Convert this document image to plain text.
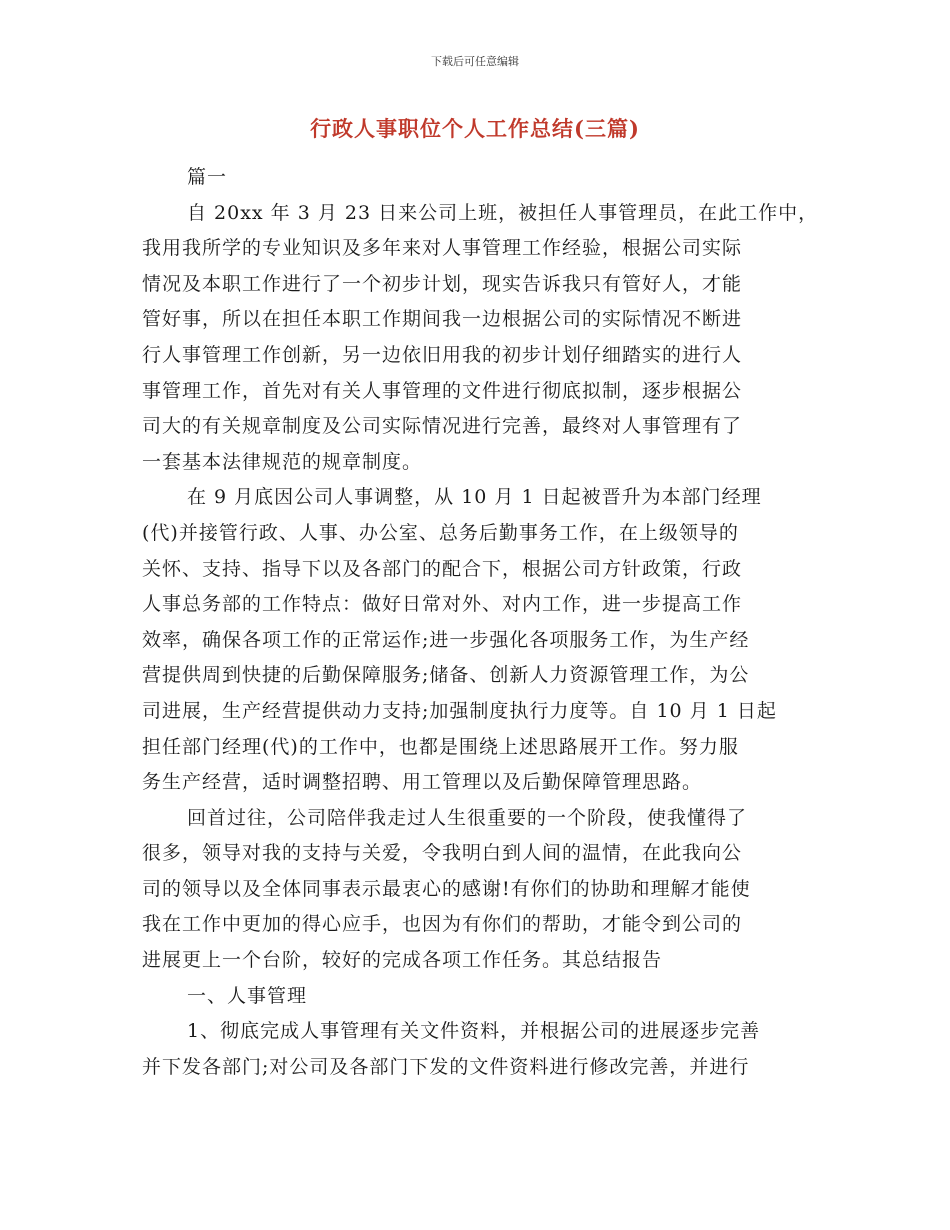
下载后可任意编辑
行政人事职位个人工作总结(三篇)
篇一
自 20xx 年 3 月 23 日来公司上班，被担任人事管理员，在此工作中，
我用我所学的专业知识及多年来对人事管理工作经验，根据公司实际
情况及本职工作进行了一个初步计划，现实告诉我只有管好人，才能
管好事，所以在担任本职工作期间我一边根据公司的实际情况不断进
行人事管理工作创新，另一边依旧用我的初步计划仔细踏实的进行人
事管理工作，首先对有关人事管理的文件进行彻底拟制，逐步根据公
司大的有关规章制度及公司实际情况进行完善，最终对人事管理有了
一套基本法律规范的规章制度。
在 9 月底因公司人事调整，从 10 月 1 日起被晋升为本部门经理
(代)并接管行政、人事、办公室、总务后勤事务工作，在上级领导的
关怀、支持、指导下以及各部门的配合下，根据公司方针政策，行政
人事总务部的工作特点：做好日常对外、对内工作，进一步提高工作
效率，确保各项工作的正常运作;进一步强化各项服务工作，为生产经
营提供周到快捷的后勤保障服务;储备、创新人力资源管理工作，为公
司进展，生产经营提供动力支持;加强制度执行力度等。自 10 月 1 日起
担任部门经理(代)的工作中，也都是围绕上述思路展开工作。努力服
务生产经营，适时调整招聘、用工管理以及后勤保障管理思路。
回首过往，公司陪伴我走过人生很重要的一个阶段，使我懂得了
很多，领导对我的支持与关爱，令我明白到人间的温情，在此我向公
司的领导以及全体同事表示最衷心的感谢!有你们的协助和理解才能使
我在工作中更加的得心应手，也因为有你们的帮助，才能令到公司的
进展更上一个台阶，较好的完成各项工作任务。其总结报告
一、人事管理
1、彻底完成人事管理有关文件资料，并根据公司的进展逐步完善
并下发各部门;对公司及各部门下发的文件资料进行修改完善，并进行
